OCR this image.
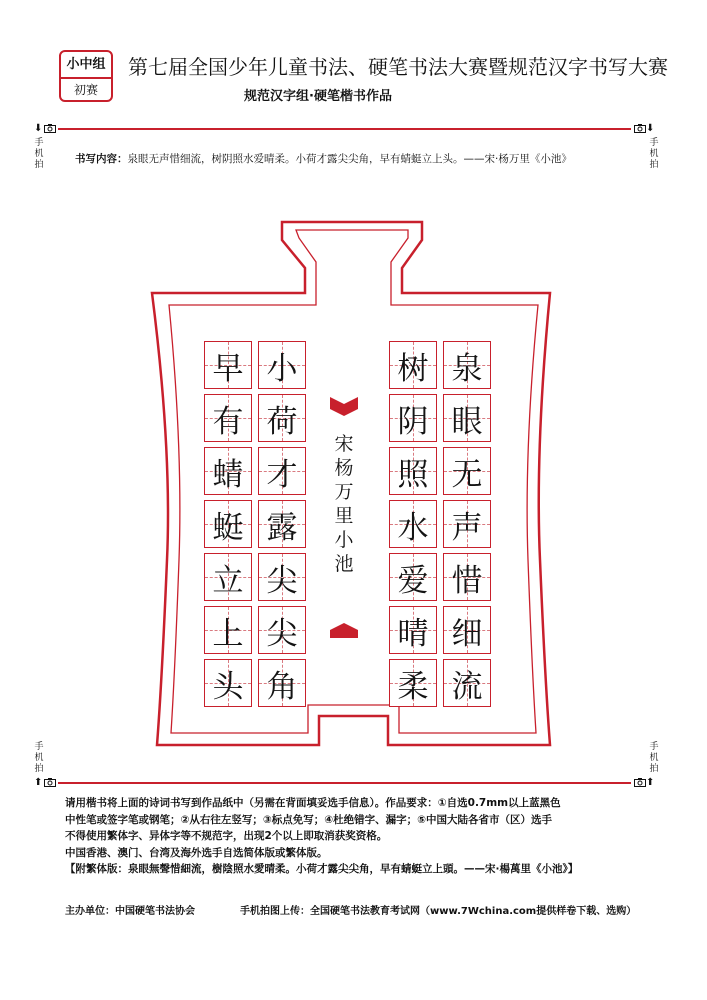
小中组
初赛
第七届全国少年儿童书法、硬笔书法大赛暨规范汉字书写大赛
规范汉字组·硬笔楷书作品
⬇
手机拍
⬇
手机拍
手机拍
⬆
手机拍
⬆
书写内容：泉眼无声惜细流，树阴照水爱晴柔。小荷才露尖尖角，早有蜻蜓立上头。——宋·杨万里《小池》
树 泉
阴 眼
照 无
水 声
爱 惜
晴 细
柔 流
早 小
有 荷
蜻 才
蜓 露
立 尖
上 尖
头 角
宋
杨
万
里
小
池

请用楷书将上面的诗词书写到作品纸中（另需在背面填妥选手信息）。作品要求：①自选0.7mm以上蓝黑色

中性笔或签字笔或钢笔；②从右往左竖写；③标点免写；④杜绝错字、漏字；⑤中国大陆各省市（区）选手

不得使用繁体字、异体字等不规范字，出现2个以上即取消获奖资格。

中国香港、澳门、台湾及海外选手自选简体版或繁体版。

【附繁体版：泉眼無聲惜細流，樹陰照水愛晴柔。小荷才露尖尖角，早有蜻蜓立上頭。——宋·楊萬里《小池》】

主办单位：中国硬笔书法协会	手机拍图上传：全国硬笔书法教育考试网（www.7Wchina.com提供样卷下载、选购）
